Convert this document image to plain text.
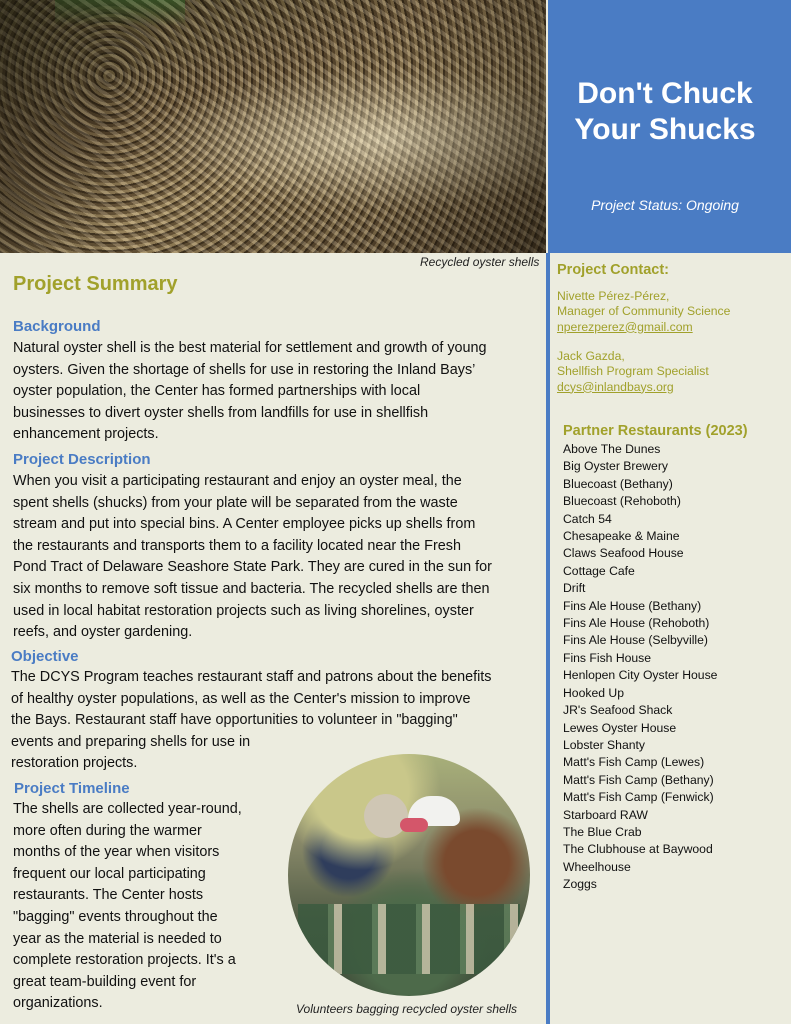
Don't Chuck
Your Shucks
Project Status: Ongoing
Recycled oyster shells
Project Summary
Background
Natural oyster shell is the best material for settlement and growth of young
oysters. Given the shortage of shells for use in restoring the Inland Bays’
oyster population, the Center has formed partnerships with local
businesses to divert oyster shells from landfills for use in shellfish
enhancement projects.
Project Description
When you visit a participating restaurant and enjoy an oyster meal, the
spent shells (shucks) from your plate will be separated from the waste
stream and put into special bins. A Center employee picks up shells from
the restaurants and transports them to a facility located near the Fresh
Pond Tract of Delaware Seashore State Park. They are cured in the sun for
six months to remove soft tissue and bacteria. The recycled shells are then
used in local habitat restoration projects such as living shorelines, oyster
reefs, and oyster gardening.
Objective
The DCYS Program teaches restaurant staff and patrons about the benefits
of healthy oyster populations, as well as the Center's mission to improve
the Bays. Restaurant staff have opportunities to volunteer in "bagging"
events and preparing shells for use in
restoration projects.
Project Timeline
The shells are collected year-round,
more often during the warmer
months of the year when visitors
frequent our local participating
restaurants. The Center hosts
"bagging" events throughout the
year as the material is needed to
complete restoration projects. It's a
great team-building event for
organizations.	Volunteers bagging recycled oyster shells
Project Contact:
Nivette Pérez-Pérez,
Manager of Community Science
nperezperez@gmail.com
Jack Gazda,
Shellfish Program Specialist
dcys@inlandbays.org
Partner Restaurants (2023)
Above The Dunes
Big Oyster Brewery
Bluecoast (Bethany)
Bluecoast (Rehoboth)
Catch 54
Chesapeake & Maine
Claws Seafood House
Cottage Cafe
Drift
Fins Ale House (Bethany)
Fins Ale House (Rehoboth)
Fins Ale House (Selbyville)
Fins Fish House
Henlopen City Oyster House
Hooked Up
JR's Seafood Shack
Lewes Oyster House
Lobster Shanty
Matt's Fish Camp (Lewes)
Matt's Fish Camp (Bethany)
Matt's Fish Camp (Fenwick)
Starboard RAW
The Blue Crab
The Clubhouse at Baywood
Wheelhouse
Zoggs
